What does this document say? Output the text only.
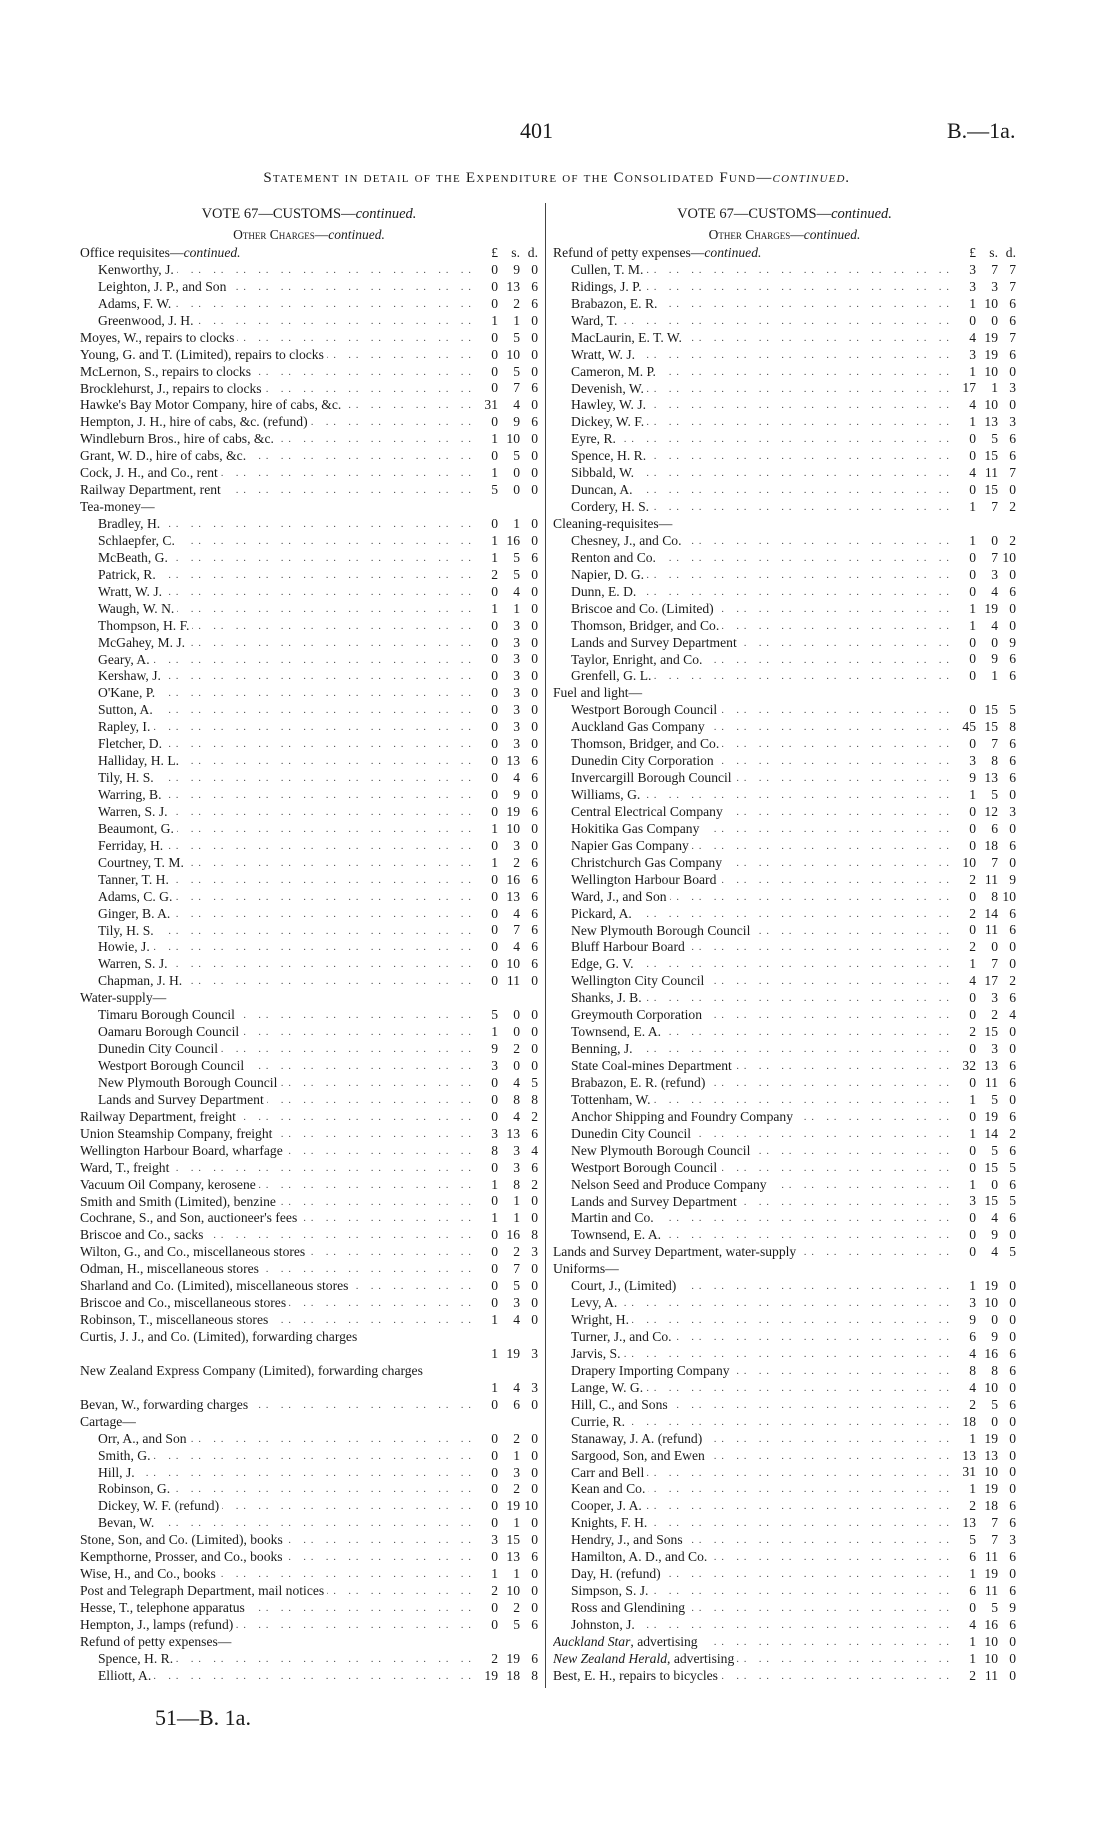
401	B.—1a.
Statement in detail of the Expenditure of the Consolidated Fund—continued.
VOTE 67—CUSTOMS—continued.
Other Charges—continued.
Office requisites—continued.	£ s. d.
Kenworthy, J. . .	0	9 0
Leighton, J. P., and Son . .	0 13 6
Adams, F. W. . .	0	2 6
Greenwood, J. H. . .	1	1 0
Moyes, W., repairs to clocks . .	0	5 0
Young, G. and T. (Limited), repairs to clocks . .	0 10 0
McLernon, S., repairs to clocks . .	0	5 0
Brocklehurst, J., repairs to clocks . .	0	7 6
Hawke's Bay Motor Company, hire of cabs, &c. . .	31	4 0
Hempton, J. H., hire of cabs, &c. (refund) . .	0	9 6
Windleburn Bros., hire of cabs, &c. . .	1 10 0
Grant, W. D., hire of cabs, &c. . .	0	5 0
Cock, J. H., and Co., rent . .	1	0 0
Railway Department, rent . .	5	0 0
Tea-money—
Bradley, H. . .	0	1 0
Schlaepfer, C. . .	1 16 0
McBeath, G. . .	1	5 6
Patrick, R. . .	2	5 0
Wratt, W. J. . .	0	4 0
Waugh, W. N. . .	1	1 0
Thompson, H. F. . .	0	3 0
McGahey, M. J. . .	0	3 0
Geary, A. . .	0	3 0
Kershaw, J. . .	0	3 0
O'Kane, P. . .	0	3 0
Sutton, A. . .	0	3 0
Rapley, I. . .	0	3 0
Fletcher, D. . .	0	3 0
Halliday, H. L. . .	0 13 6
Tily, H. S. . .	0	4 6
Warring, B. . .	0	9 0
Warren, S. J. . .	0 19 6
Beaumont, G. . .	1 10 0
Ferriday, H. . .	0	3 0
Courtney, T. M. . .	1	2 6
Tanner, T. H. . .	0 16 6
Adams, C. G. . .	0 13 6
Ginger, B. A. . .	0	4 6
Tily, H. S. . .	0	7 6
Howie, J. . .	0	4 6
Warren, S. J. . .	0 10 6
Chapman, J. H. . .	0 11 0
Water-supply—
Timaru Borough Council . .	5	0 0
Oamaru Borough Council . .	1	0 0
Dunedin City Council . .	9	2 0
Westport Borough Council . .	3	0 0
New Plymouth Borough Council . .	0	4 5
Lands and Survey Department . .	0	8 8
Railway Department, freight . .	0	4 2
Union Steamship Company, freight . .	3 13 6
Wellington Harbour Board, wharfage . .	8	3 4
Ward, T., freight . .	0	3 6
Vacuum Oil Company, kerosene . .	1	8 2
Smith and Smith (Limited), benzine . .	0	1 0
Cochrane, S., and Son, auctioneer's fees . .	1	1 0
Briscoe and Co., sacks . .	0 16 8
Wilton, G., and Co., miscellaneous stores . .	0	2 3
Odman, H., miscellaneous stores . .	0	7 0
Sharland and Co. (Limited), miscellaneous stores . .	0	5 0
Briscoe and Co., miscellaneous stores . .	0	3 0
Robinson, T., miscellaneous stores . .	1	4 0
Curtis, J. J., and Co. (Limited), forwarding charges
1 19 3
New Zealand Express Company (Limited), forwarding charges
1	4 3
Bevan, W., forwarding charges . .	0	6 0
Cartage—
Orr, A., and Son . .	0	2 0
Smith, G. . .	0	1 0
Hill, J. . .	0	3 0
Robinson, G. . .	0	2 0
Dickey, W. F. (refund) . .	0 19 10
Bevan, W. . .	0	1 0
Stone, Son, and Co. (Limited), books . .	3 15 0
Kempthorne, Prosser, and Co., books . .	0 13 6
Wise, H., and Co., books . .	1	1 0
Post and Telegraph Department, mail notices . .	2 10 0
Hesse, T., telephone apparatus . .	0	2 0
Hempton, J., lamps (refund) . .	0	5 6
Refund of petty expenses—
Spence, H. R. . .	2 19 6
Elliott, A. . .	19 18 8
VOTE 67—CUSTOMS—continued.
Other Charges—continued.
Refund of petty expenses—continued.	£ s. d.
Cullen, T. M. . .	3	7 7
Ridings, J. P. . .	3	3 7
Brabazon, E. R. . .	1 10 6
Ward, T. . .	0	0 6
MacLaurin, E. T. W. . .	4 19 7
Wratt, W. J. . .	3 19 6
Cameron, M. P. . .	1 10 0
Devenish, W. . .	17	1 3
Hawley, W. J. . .	4 10 0
Dickey, W. F. . .	1 13 3
Eyre, R. . .	0	5 6
Spence, H. R. . .	0 15 6
Sibbald, W. . .	4 11 7
Duncan, A. . .	0 15 0
Cordery, H. S. . .	1	7 2
Cleaning-requisites—
Chesney, J., and Co. . .	1	0 2
Renton and Co. . .	0	7 10
Napier, D. G. . .	0	3 0
Dunn, E. D. . .	0	4 6
Briscoe and Co. (Limited) . .	1 19 0
Thomson, Bridger, and Co. . .	1	4 0
Lands and Survey Department . .	0	0 9
Taylor, Enright, and Co. . .	0	9 6
Grenfell, G. L. . .	0	1 6
Fuel and light—
Westport Borough Council . .	0 15 5
Auckland Gas Company . .	45 15 8
Thomson, Bridger, and Co. . .	0	7 6
Dunedin City Corporation . .	3	8 6
Invercargill Borough Council . .	9 13 6
Williams, G. . .	1	5 0
Central Electrical Company . .	0 12 3
Hokitika Gas Company . .	0	6 0
Napier Gas Company . .	0 18 6
Christchurch Gas Company . .	10	7 0
Wellington Harbour Board . .	2 11 9
Ward, J., and Son . .	0	8 10
Pickard, A. . .	2 14 6
New Plymouth Borough Council . .	0 11 6
Bluff Harbour Board . .	2	0 0
Edge, G. V. . .	1	7 0
Wellington City Council . .	4 17 2
Shanks, J. B. . .	0	3 6
Greymouth Corporation . .	0	2 4
Townsend, E. A. . .	2 15 0
Benning, J. . .	0	3 0
State Coal-mines Department . .	32 13 6
Brabazon, E. R. (refund) . .	0 11 6
Tottenham, W. . .	1	5 0
Anchor Shipping and Foundry Company . .	0 19 6
Dunedin City Council . .	1 14 2
New Plymouth Borough Council . .	0	5 6
Westport Borough Council . .	0 15 5
Nelson Seed and Produce Company . .	1	0 6
Lands and Survey Department . .	3 15 5
Martin and Co. . .	0	4 6
Townsend, E. A. . .	0	9 0
Lands and Survey Department, water-supply . .	0	4 5
Uniforms—
Court, J., (Limited) . .	1 19 0
Levy, A. . .	3 10 0
Wright, H. . .	9	0 0
Turner, J., and Co. . .	6	9 0
Jarvis, S. . .	4 16 6
Drapery Importing Company . .	8	8 6
Lange, W. G. . .	4 10 0
Hill, C., and Sons . .	2	5 6
Currie, R. . .	18	0 0
Stanaway, J. A. (refund) . .	1 19 0
Sargood, Son, and Ewen . .	13 13 0
Carr and Bell . .	31 10 0
Kean and Co. . .	1 19 0
Cooper, J. A. . .	2 18 6
Knights, F. H. . .	13	7 6
Hendry, J., and Sons . .	5	7 3
Hamilton, A. D., and Co. . .	6 11 6
Day, H. (refund) . .	1 19 0
Simpson, S. J. . .	6 11 6
Ross and Glendining . .	0	5 9
Johnston, J. . .	4 16 6
Auckland Star, advertising . .	1 10 0
New Zealand Herald, advertising . .	1 10 0
Best, E. H., repairs to bicycles . .	2 11 0
51—B. 1a.
